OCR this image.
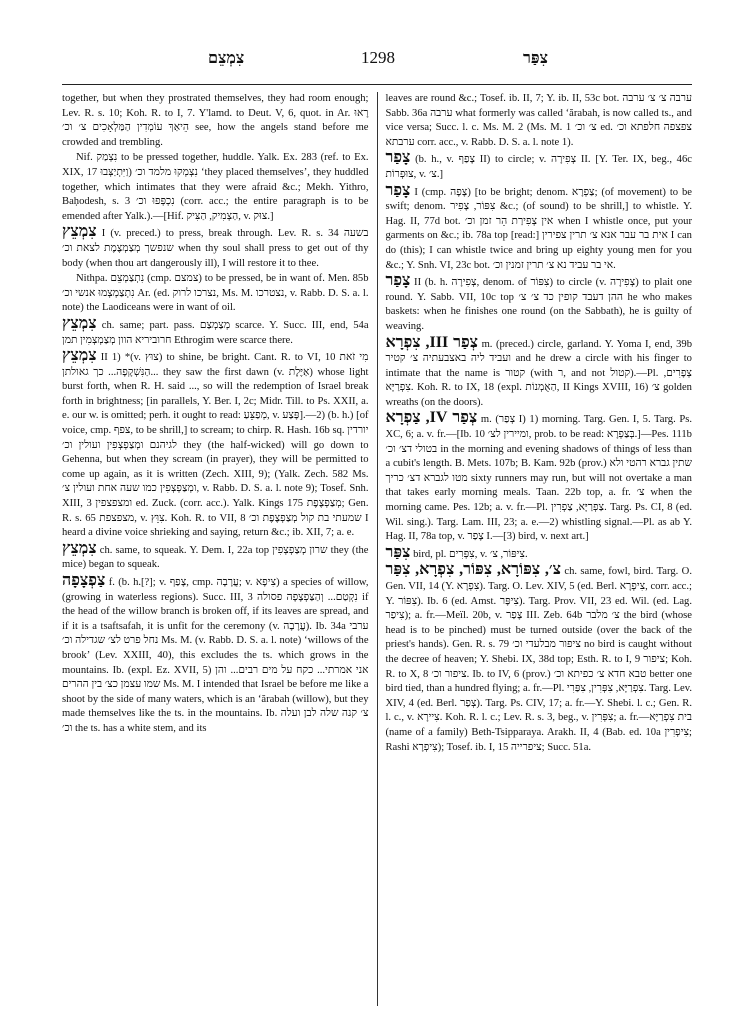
צִמְצֵם	1298	צִפַּר

together, but when they prostrated themselves, they had room enough; Lev. R. s. 10; Koh. R. to I, 7. Y'lamd. to Deut. V, 6, quot. in Ar. רָאוּ הֵיאַךְ עוֹמְדִין הַמַּלְאָכִים צ׳ וכ׳ see, how the angels stand before me crowded and trembling.

Nif. נִצְמַק to be pressed together, huddle. Yalk. Ex. 283 (ref. to Ex. XIX, 17 וַיִּתְיַצְּבוּ) נִצְמְקוּ מלמד וכ׳ ‘they placed themselves’, they huddled together, which intimates that they were afraid &c.; Mekh. Yithro, Baḥodesh, s. 3 נִכְפְּפוּ וכ׳ (corr. acc.; the entire paragraph is to be emended after Yalk.).—[Hif. הַצְמִיק, הַצִּיק, v. צוּק.]

צִמְצֵץ I (v. preced.) to press, break through. Lev. R. s. 34 בשעה שנפשך מְצַמְצֶמֶת לצאת וכ׳ when thy soul shall press to get out of thy body (when thou art dangerously ill), I will restore it to thee.

Nithpa. נִתְצַמְצֵם (cmp. צמצם) to be pressed, be in want of. Men. 85b נִתְצַמְצְמוּ אנשי וכ׳ Ar. (ed. נצרכו לרוק, Ms. M. נצטרכו, v. Rabb. D. S. a. l. note) the Laodiceans were in want of oil.

צִמְצֵץ ch. same; part. pass. מְצַמְצַם scarce. Y. Succ. III, end, 54a חרוביריא הוון מְצַמְצְמִין תמן Ethrogim were scarce there.

צִמְצֵץ II 1) *(v. צוּץ) to shine, be bright. Cant. R. to VI, 10 מִי זֹאת הַנִּשְׁקָפָה... כך גאולתן... they saw the first dawn (v. אַיֶּלֶת) whose light burst forth, when R. H. said ..., so will the redemption of Israel break forth in brightness; [in parallels, Y. Ber. I, 2c; Midr. Till. to Ps. XXII, a. e. our w. is omitted; perh. it ought to read: מְפַצֵּעַ, v. פָּצַע].—2) (b. h.) [of voice, cmp. צפף, to be shrill,] to scream; to chirp. R. Hash. 16b sq. יורדין לגיהנם ומְצַפְצְפִין ועולין וכ׳ they (the half-wicked) will go down to Gehenna, but when they scream (in prayer), they will be permitted to come up again, as it is written (Zech. XIII, 9); (Yalk. Zech. 582 Ms. ומְצַפְצְפִין כמו שעה אחת ועולין צ׳, v. Rabb. D. S. a. l. note 9); Tosef. Snh. XIII, 3 ומצפצפין ed. Zuck. (corr. acc.). Yalk. Kings 175 מְצַפְצֶפֶת; Gen. R. s. 65 מצפצפת, v. צִוֵּץ. Koh. R. to VII, 8 שמעתי בת קול מְצַפְצֶפֶת וכ׳ I heard a divine voice shrieking and saying, return &c.; ib. XII, 7; a. e.

צִמְצֵץ ch. same, to squeak. Y. Dem. I, 22a top שרון מְצַפְצְפִין they (the mice) began to squeak.

צַפְצָפָה f. (b. h.[?]; v. צָפַף, cmp. עֲרָבָה; v. צִיפָא) a species of willow, (growing in waterless regions). Succ. III, 3 נִקְטַם... וְהַצַּפְצָפָה פסולה if the head of the willow branch is broken off, if its leaves are spread, and if it is a tsaftsafah, it is unfit for the ceremony (v. עֲרָבָה). Ib. 34a ערבי נחל פרט לצ׳ שגדילה וכ׳ Ms. M. (v. Rabb. D. S. a. l. note) ‘willows of the brook’ (Lev. XXIII, 40), this excludes the ts. which grows in the mountains. Ib. (expl. Ez. XVII, 5) אני אמרתי... כקח על מים רבים... והן שמו עצמן כצ׳ בין ההרים Ms. M. I intended that Israel be before me like a shoot by the side of many waters, which is an ‘ărabah (willow), but they made themselves like the ts. in the mountains. Ib. צ׳ קנה שלה לבן ועלה וכ׳ the ts. has a white stem, and its

leaves are round &c.; Tosef. ib. II, 7; Y. ib. II, 53c bot. ערבה צ׳ צ׳ ערבה Sabb. 36a ערבה what formerly was called ‘ărabah, is now called ts., and vice versa; Succ. l. c. Ms. M. 2 (Ms. M. 1 צ׳ וכ׳ ed. צפצפה חלפתא וכ׳ ערבתא corr. acc., v. Rabb. D. S. a. l. note 1).

צָפַר (b. h., v. צָפַף II) to circle; v. צְפִירָה II. [Y. Ter. IX, beg., 46c צוּפְרוֹת, v. צ׳.]

צָפַר I (cmp. צָפָה) [to be bright; denom. צַפְרָא; (of movement) to be swift; denom. צִפּוֹר, צָפִיר &c.; (of sound) to be shrill,] to whistle. Y. Hag. II, 77d bot. אין צְפִירַת הֵר זמן וכ׳ when I whistle once, put your garments on &c.; ib. 78a top [read:] אית בר עבר אנא צ׳ תרין צפירין I can do (this); I can whistle twice and bring up eighty young men for you &c.; Y. Snh. VI, 23c bot. אי בר עביד נא צ׳ תרין זמנין וכ׳.

צָפַר II (b. h. צְפִירָה, denom. of צִפּוֹר) to circle (v. צְפִירָה) to plait one round. Y. Sabb. VII, 10c top ההן דעבד קופין כד צ׳ צ׳ he who makes baskets: when he finishes one round (on the Sabbath), he is guilty of weaving.

צְפַר III, צִפְרָא m. (preced.) circle, garland. Y. Yoma I, end, 39b ועביד ליה באצבעתיה צ׳ קטיר and he drew a circle with his finger to intimate that the name is קטור (with ר, and not קטול).—Pl. צְפָרִים, צִפְרַיָּא. Koh. R. to IX, 18 (expl. הַאֻמְנוֹת, II Kings XVIII, 16) צ׳ golden wreaths (on the doors).

צְפַר IV, צַפְרָא m. (צְפַר I) 1) morning. Targ. Gen. I, 5. Targ. Ps. XC, 6; a. v. fr.—[Ib. 10 ומיירין לצ׳, prob. to be read: בְּצַפְרָא.]—Pes. 111b בטולי דצ׳ וכ׳ in the morning and evening shadows of things of less than a cubit's length. B. Mets. 107b; B. Kam. 92b (prov.) שתין גברא רהטי ולא מטו לגברא דצ׳ כריך sixty runners may run, but will not overtake a man that takes early morning meals. Taan. 22b top, a. fr. צ׳ when the morning came. Pes. 12b; a. v. fr.—Pl. צַפְרַיָּא, צַפְרִין. Targ. Ps. CI, 8 (ed. Wil. sing.). Targ. Lam. III, 23; a. e.—2) whistling signal.—Pl. as ab Y. Hag. II, 78a top, v. צָפַר I.—[3) bird, v. next art.]

צִפַּר bird, pl. צִפְּרִים, v. צִיפּוֹר, צ׳.

צ׳, צִפּוֹרָא, צִפּוֹר, צִפְרָא, צִפַּר ch. same, fowl, bird. Targ. O. Gen. VII, 14 (Y. צִפְרָא). Targ. O. Lev. XIV, 5 (ed. Berl. צִיפְרָא, corr. acc.; Y. צִפּוֹר). Ib. 6 (ed. Amst. צִיפָּר). Targ. Prov. VII, 23 ed. Wil. (ed. Lag. צִיפַר); a. fr.—Meïl. 20b, v. צָפַר III. Zeb. 64b צ׳ מלבר the bird (whose head is to be pinched) must be turned outside (over the back of the priest's hands). Gen. R. s. 79 ציפור מבלעדי וכ׳ no bird is caught without the decree of heaven; Y. Shebi. IX, 38d top; Esth. R. to I, 9 ציפור; Koh. R. to X, 8 ציפור וכ׳. Ib. to IV, 6 (prov.) טבא חדא צ׳ כפיתא וכ׳ better one bird tied, than a hundred flying; a. fr.—Pl. צִפְרַיָּא, צִפְּרִין, צִפַּרִי. Targ. Lev. XIV, 4 (ed. Berl. צְפַר). Targ. Ps. CIV, 17; a. fr.—Y. Shebi. l. c.; Gen. R. l. c., v. צִיירָא. Koh. R. l. c.; Lev. R. s. 3, beg., v. צִפְּרִין; a. fr.—בית צִפְרַיָּא (name of a family) Beth-Tsipparaya. Arakh. II, 4 (Bab. ed. 10a צִיפְרִין; Rashi צִיפְרָא); Tosef. ib. I, 15 ציפרייה; Succ. 51a.
